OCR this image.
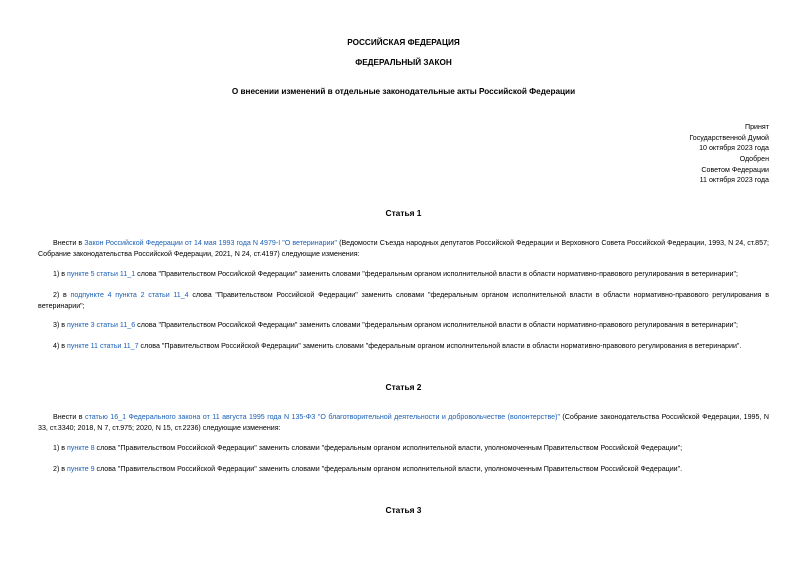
РОССИЙСКАЯ ФЕДЕРАЦИЯ
ФЕДЕРАЛЬНЫЙ ЗАКОН
О внесении изменений в отдельные законодательные акты Российской Федерации
Принят
Государственной Думой
10 октября 2023 года
Одобрен
Советом Федерации
11 октября 2023 года
Статья 1
Внести в Закон Российской Федерации от 14 мая 1993 года N 4979-I "О ветеринарии" (Ведомости Съезда народных депутатов Российской Федерации и Верховного Совета Российской Федерации, 1993, N 24, ст.857; Собрание законодательства Российской Федерации, 2021, N 24, ст.4197) следующие изменения:
1) в пункте 5 статьи 11_1 слова "Правительством Российской Федерации" заменить словами "федеральным органом исполнительной власти в области нормативно-правового регулирования в ветеринарии";
2) в подпункте 4 пункта 2 статьи 11_4 слова "Правительством Российской Федерации" заменить словами "федеральным органом исполнительной власти в области нормативно-правового регулирования в ветеринарии";
3) в пункте 3 статьи 11_6 слова "Правительством Российской Федерации" заменить словами "федеральным органом исполнительной власти в области нормативно-правового регулирования в ветеринарии";
4) в пункте 11 статьи 11_7 слова "Правительством Российской Федерации" заменить словами "федеральным органом исполнительной власти в области нормативно-правового регулирования в ветеринарии".
Статья 2
Внести в статью 16_1 Федерального закона от 11 августа 1995 года N 135-ФЗ "О благотворительной деятельности и добровольчестве (волонтерстве)" (Собрание законодательства Российской Федерации, 1995, N 33, ст.3340; 2018, N 7, ст.975; 2020, N 15, ст.2236) следующие изменения:
1) в пункте 8 слова "Правительством Российской Федерации" заменить словами "федеральным органом исполнительной власти, уполномоченным Правительством Российской Федерации";
2) в пункте 9 слова "Правительством Российской Федерации" заменить словами "федеральным органом исполнительной власти, уполномоченным Правительством Российской Федерации".
Статья 3
